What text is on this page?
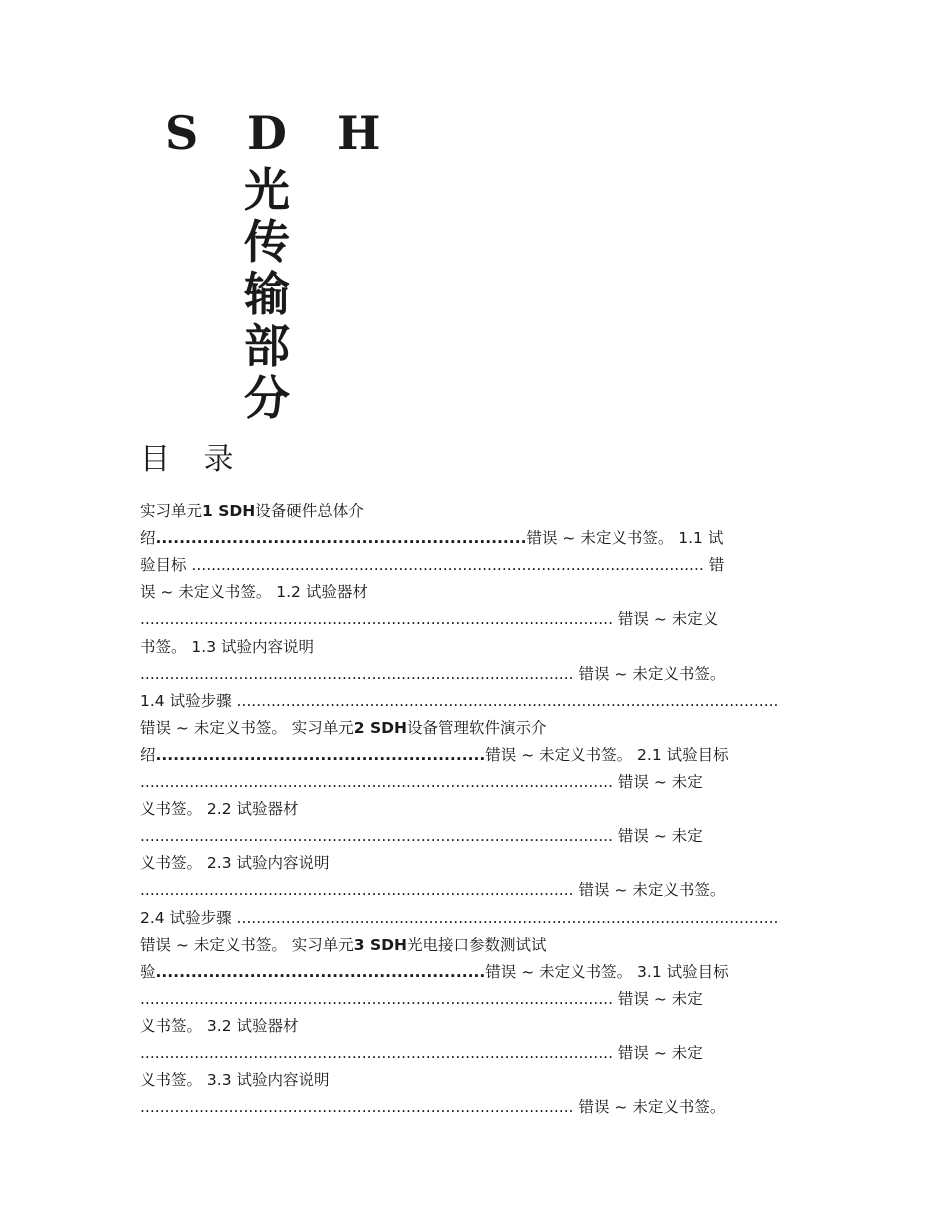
S D H
光
传
输
部
分
目 录
实习单元1 SDH设备硬件总体介
绍...............................................................错误 ~ 未定义书签。 1.1 试
验目标 ........................................................................................................ 错
误 ~ 未定义书签。 1.2 试验器材
................................................................................................ 错误 ~ 未定义
书签。 1.3 试验内容说明
........................................................................................ 错误 ~ 未定义书签。
1.4 试验步骤 ..............................................................................................................
错误 ~ 未定义书签。 实习单元2 SDH设备管理软件演示介
绍........................................................错误 ~ 未定义书签。 2.1 试验目标
................................................................................................ 错误 ~ 未定
义书签。 2.2 试验器材
................................................................................................ 错误 ~ 未定
义书签。 2.3 试验内容说明
........................................................................................ 错误 ~ 未定义书签。
2.4 试验步骤 ..............................................................................................................
错误 ~ 未定义书签。 实习单元3 SDH光电接口参数测试试
验........................................................错误 ~ 未定义书签。 3.1 试验目标
................................................................................................ 错误 ~ 未定
义书签。 3.2 试验器材
................................................................................................ 错误 ~ 未定
义书签。 3.3 试验内容说明
........................................................................................ 错误 ~ 未定义书签。
